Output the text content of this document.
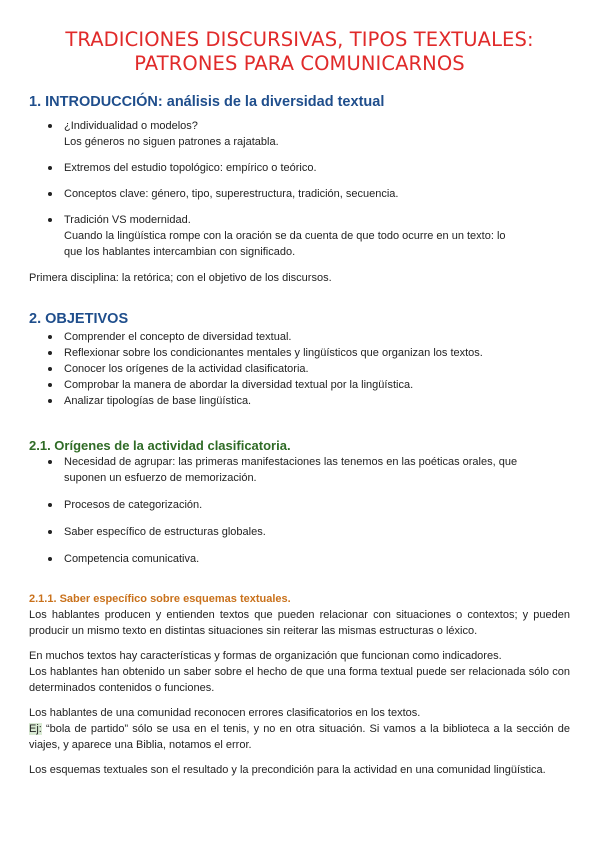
TRADICIONES DISCURSIVAS, TIPOS TEXTUALES:
PATRONES PARA COMUNICARNOS
1. INTRODUCCIÓN: análisis de la diversidad textual
¿Individualidad o modelos?
Los géneros no siguen patrones a rajatabla.
Extremos del estudio topológico: empírico o teórico.
Conceptos clave: género, tipo, superestructura, tradición, secuencia.
Tradición VS modernidad.
Cuando la lingüística rompe con la oración se da cuenta de que todo ocurre en un texto: lo
que los hablantes intercambian con significado.

Primera disciplina: la retórica; con el objetivo de los discursos.

2. OBJETIVOS
Comprender el concepto de diversidad textual.
Reflexionar sobre los condicionantes mentales y lingüísticos que organizan los textos.
Conocer los orígenes de la actividad clasificatoria.
Comprobar la manera de abordar la diversidad textual por la lingüística.
Analizar tipologías de base lingüística.
2.1. Orígenes de la actividad clasificatoria.
Necesidad de agrupar: las primeras manifestaciones las tenemos en las poéticas orales, que
suponen un esfuerzo de memorización.
Procesos de categorización.
Saber específico de estructuras globales.
Competencia comunicativa.
2.1.1. Saber específico sobre esquemas textuales.

Los hablantes producen y entienden textos que pueden relacionar con situaciones o contextos; y pueden producir un mismo texto en distintas situaciones sin reiterar las mismas estructuras o léxico.

En muchos textos hay características y formas de organización que funcionan como indicadores.

Los hablantes han obtenido un saber sobre el hecho de que una forma textual puede ser relacionada sólo con determinados contenidos o funciones.

Los hablantes de una comunidad reconocen errores clasificatorios en los textos.

Ej: “bola de partido” sólo se usa en el tenis, y no en otra situación. Si vamos a la biblioteca a la sección de viajes, y aparece una Biblia, notamos el error.

Los esquemas textuales son el resultado y la precondición para la actividad en una comunidad lingüística.
